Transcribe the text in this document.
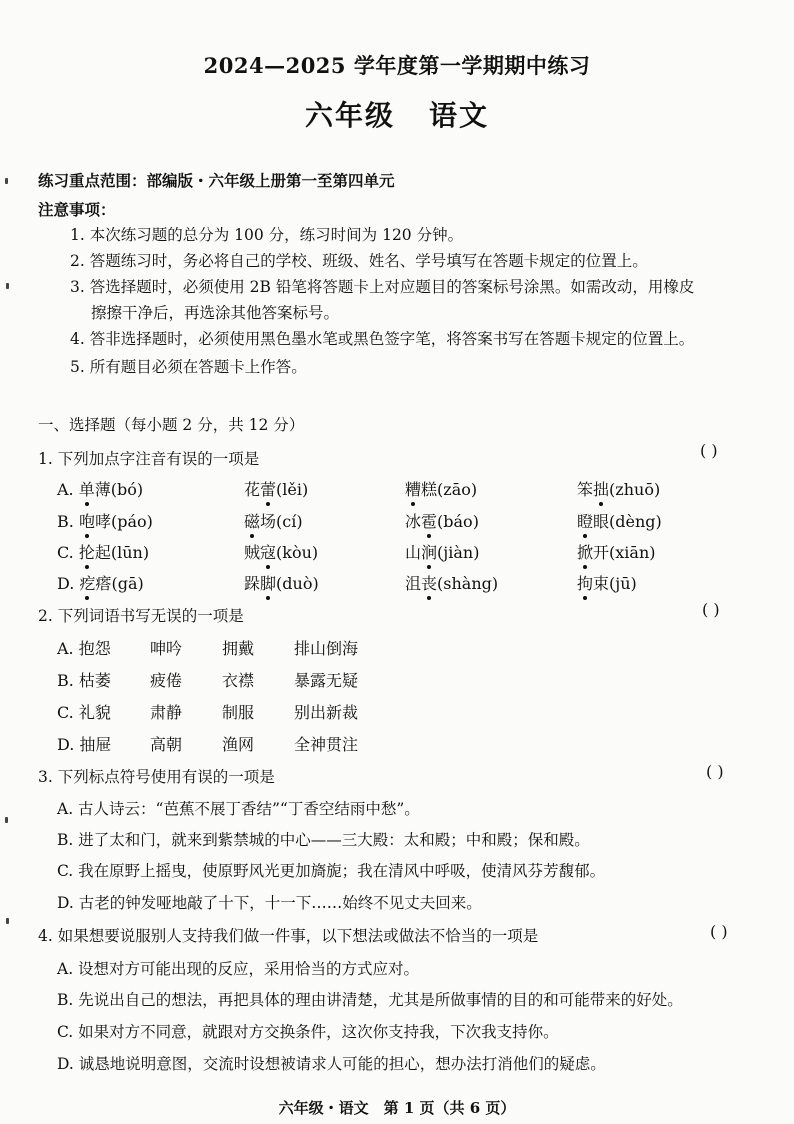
2024—2025 学年度第一学期期中练习
六年级 语文
练习重点范围：部编版・六年级上册第一至第四单元
注意事项：
1. 本次练习题的总分为 100 分，练习时间为 120 分钟。
2. 答题练习时，务必将自己的学校、班级、姓名、学号填写在答题卡规定的位置上。
3. 答选择题时，必须使用 2B 铅笔将答题卡上对应题目的答案标号涂黑。如需改动，用橡皮
擦擦干净后，再选涂其他答案标号。
4. 答非选择题时，必须使用黑色墨水笔或黑色签字笔，将答案书写在答题卡规定的位置上。
5. 所有题目必须在答题卡上作答。
一、选择题（每小题 2 分，共 12 分）
1. 下列加点字注音有误的一项是	( )
A. 单薄(bó)	花蕾(lěi)	糟糕(zāo)	笨拙(zhuō)
B. 咆哮(páo)	磁场(cí)	冰雹(báo)	瞪眼(dèng)
C. 抡起(lūn)	贼寇(kòu)	山涧(jiàn)	掀开(xiān)
D. 疙瘩(gā)	跺脚(duò)	沮丧(shàng)	拘束(jū)
2. 下列词语书写无误的一项是	( )
A. 抱怨 呻吟 拥戴 排山倒海
B. 枯萎 疲倦 衣襟 暴露无疑
C. 礼貌 肃静 制服 别出新裁
D. 抽屉 高朝 渔网 全神贯注
3. 下列标点符号使用有误的一项是	( )
A. 古人诗云：“芭蕉不展丁香结”“丁香空结雨中愁”。
B. 进了太和门，就来到紫禁城的中心——三大殿：太和殿；中和殿；保和殿。
C. 我在原野上摇曳，使原野风光更加旖旎；我在清风中呼吸，使清风芬芳馥郁。
D. 古老的钟发哑地敲了十下，十一下……始终不见丈夫回来。
4. 如果想要说服别人支持我们做一件事，以下想法或做法不恰当的一项是	( )
A. 设想对方可能出现的反应，采用恰当的方式应对。
B. 先说出自己的想法，再把具体的理由讲清楚，尤其是所做事情的目的和可能带来的好处。
C. 如果对方不同意，就跟对方交换条件，这次你支持我，下次我支持你。
D. 诚恳地说明意图，交流时设想被请求人可能的担心，想办法打消他们的疑虑。
六年级・语文　第 1 页（共 6 页）
